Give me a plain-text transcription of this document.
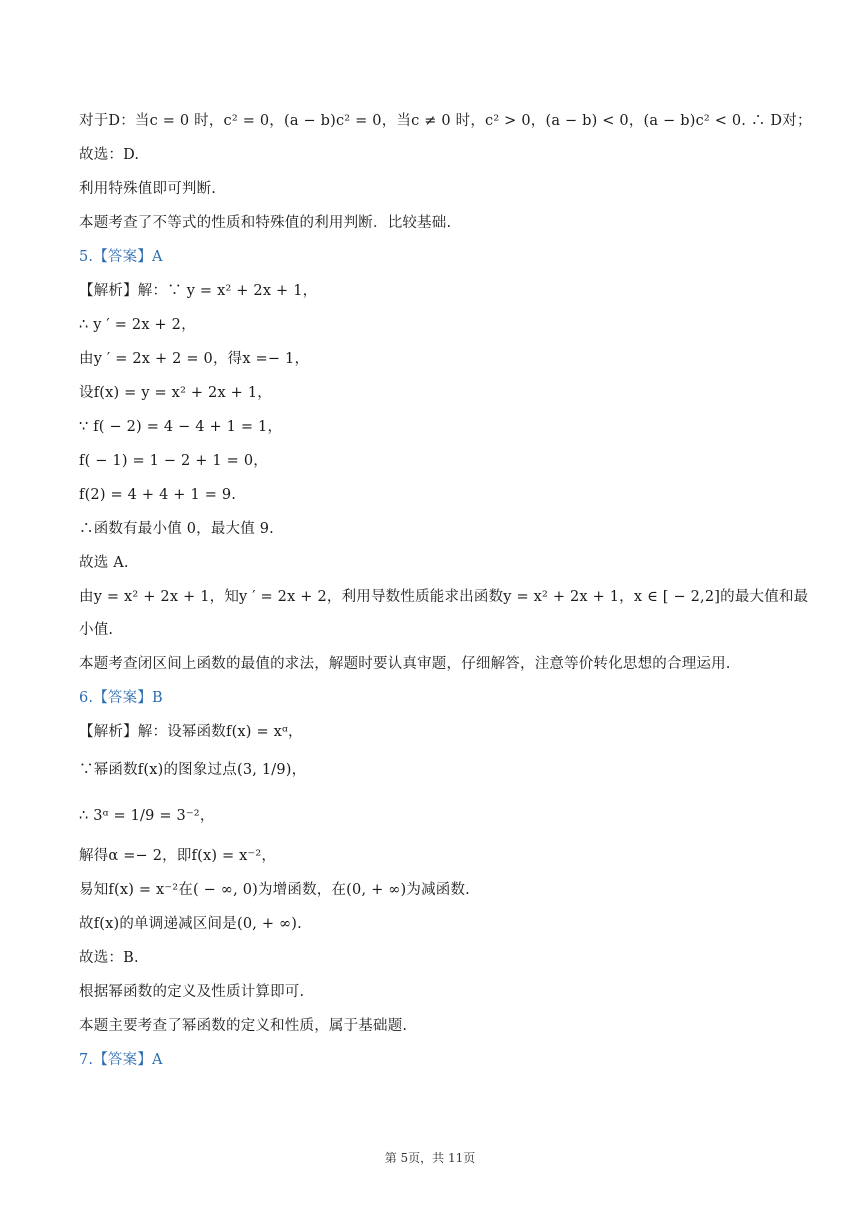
对于D：当c = 0 时，c² = 0，(a − b)c² = 0，当c ≠ 0 时，c² > 0，(a − b) < 0，(a − b)c² < 0. ∴ D对；
故选：D.
利用特殊值即可判断.
本题考查了不等式的性质和特殊值的利用判断．比较基础.
5.【答案】A
【解析】解：∵ y = x² + 2x + 1，
∴ y ′ = 2x + 2，
由y ′ = 2x + 2 = 0，得x =− 1，
设f(x) = y = x² + 2x + 1，
∵ f( − 2) = 4 − 4 + 1 = 1，
f( − 1) = 1 − 2 + 1 = 0，
f(2) = 4 + 4 + 1 = 9.
∴函数有最小值 0，最大值 9.
故选 A.
由y = x² + 2x + 1，知y ′ = 2x + 2，利用导数性质能求出函数y = x² + 2x + 1，x ∈ [ − 2,2]的最大值和最
小值.
本题考查闭区间上函数的最值的求法，解题时要认真审题，仔细解答，注意等价转化思想的合理运用.
6.【答案】B
【解析】解：设幂函数f(x) = xᵅ，
∵幂函数f(x)的图象过点(3, 1/9)，
∴ 3ᵅ = 1/9 = 3⁻²，
解得α =− 2，即f(x) = x⁻²，
易知f(x) = x⁻²在( − ∞, 0)为增函数，在(0, + ∞)为减函数.
故f(x)的单调递减区间是(0, + ∞).
故选：B.
根据幂函数的定义及性质计算即可.
本题主要考查了幂函数的定义和性质，属于基础题.
7.【答案】A
第 5页，共 11页
